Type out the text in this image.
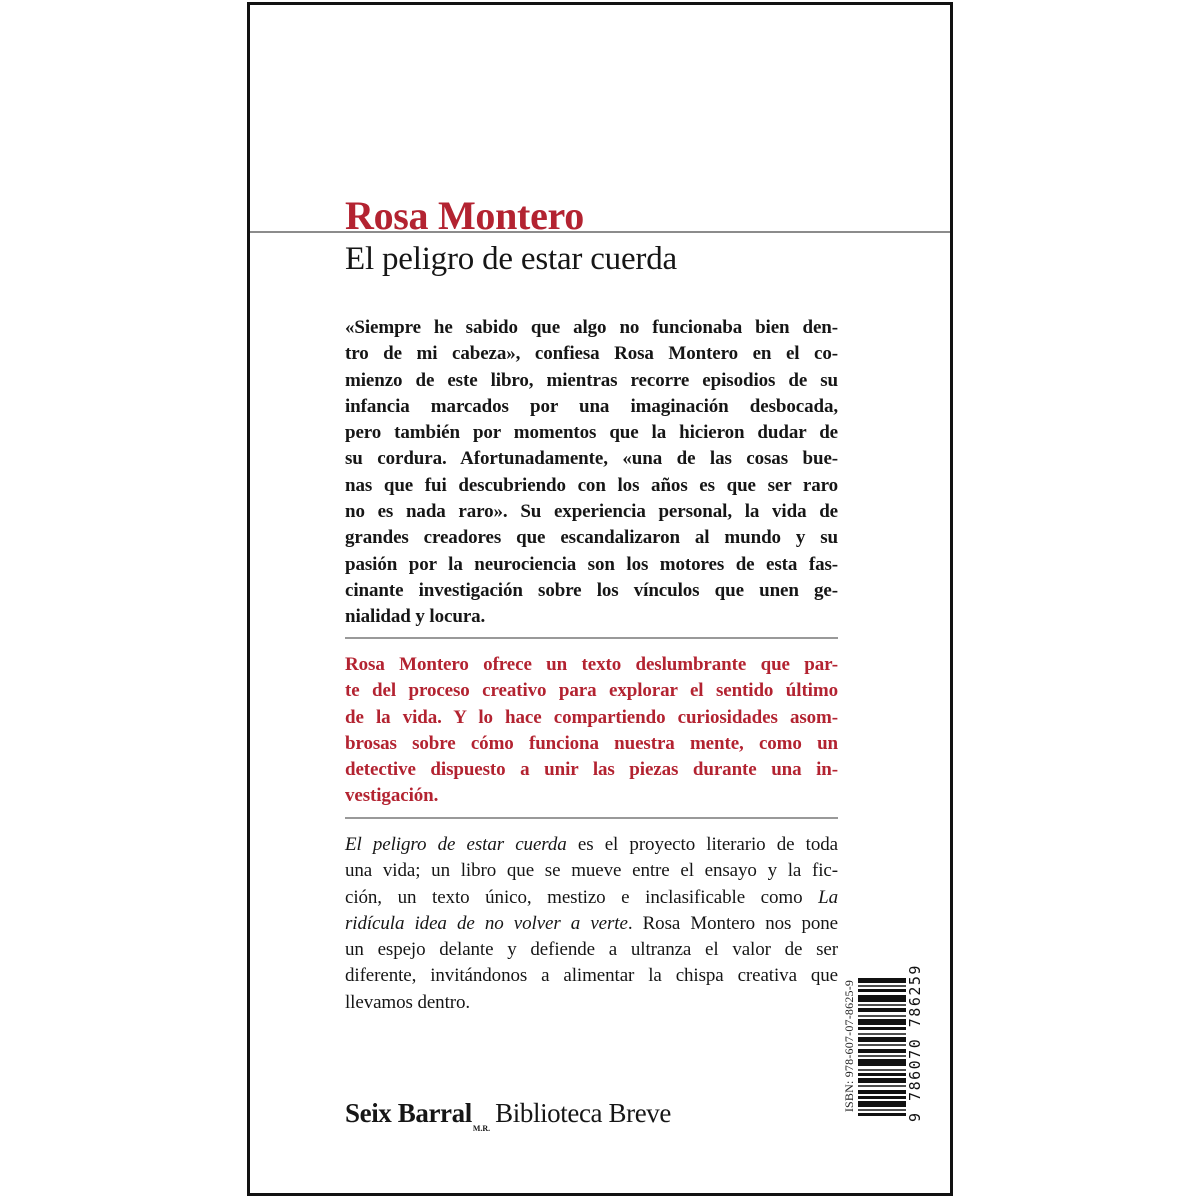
Rosa Montero
El peligro de estar cuerda
«Siempre he sabido que algo no funcionaba bien den-
tro de mi cabeza», confiesa Rosa Montero en el co-
mienzo de este libro, mientras recorre episodios de su
infancia marcados por una imaginación desbocada,
pero también por momentos que la hicieron dudar de
su cordura. Afortunadamente, «una de las cosas bue-
nas que fui descubriendo con los años es que ser raro
no es nada raro». Su experiencia personal, la vida de
grandes creadores que escandalizaron al mundo y su
pasión por la neurociencia son los motores de esta fas-
cinante investigación sobre los vínculos que unen ge-
nialidad y locura.
Rosa Montero ofrece un texto deslumbrante que par-
te del proceso creativo para explorar el sentido último
de la vida. Y lo hace compartiendo curiosidades asom-
brosas sobre cómo funciona nuestra mente, como un
detective dispuesto a unir las piezas durante una in-
vestigación.
El peligro de estar cuerda es el proyecto literario de toda
una vida; un libro que se mueve entre el ensayo y la fic-
ción, un texto único, mestizo e inclasificable como La
ridícula idea de no volver a verte. Rosa Montero nos pone
un espejo delante y defiende a ultranza el valor de ser
diferente, invitándonos a alimentar la chispa creativa que
llevamos dentro.	ISBN: 978-607-07-8625-9	9 786070 786259
Seix BarralM.R.Biblioteca Breve
